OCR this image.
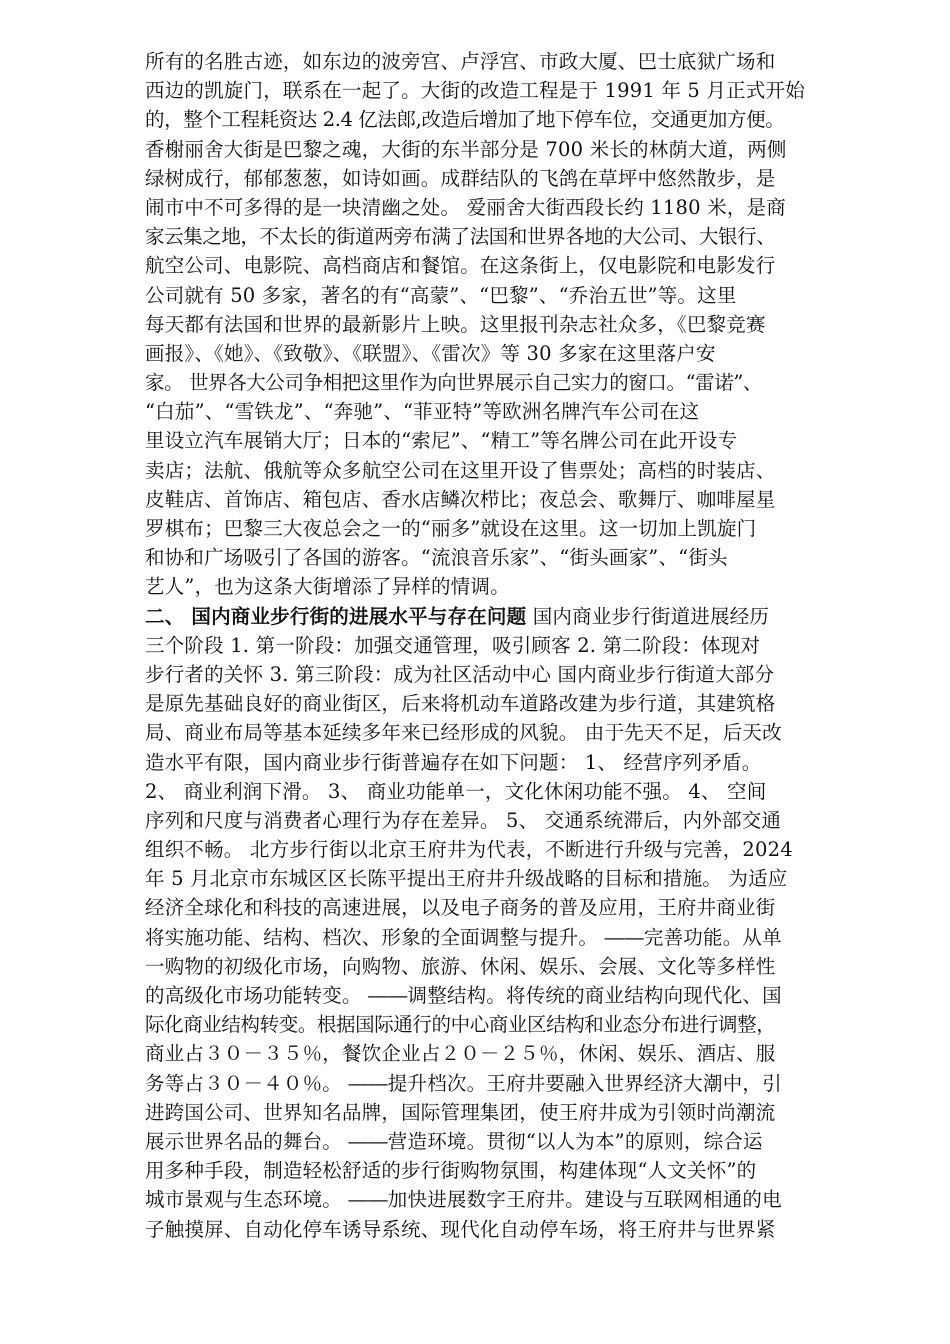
所有的名胜古迹，如东边的波旁宫、卢浮宫、市政大厦、巴士底狱广场和
西边的凯旋门，联系在一起了。大街的改造工程是于 1991 年 5 月正式开始
的，整个工程耗资达 2.4 亿法郎,改造后增加了地下停车位，交通更加方便。
香榭丽舍大街是巴黎之魂，大街的东半部分是 700 米长的林荫大道，两侧
绿树成行，郁郁葱葱，如诗如画。成群结队的飞鸽在草坪中悠然散步，是
闹市中不可多得的是一块清幽之处。 爱丽舍大街西段长约 1180 米，是商
家云集之地，不太长的街道两旁布满了法国和世界各地的大公司、大银行、
航空公司、电影院、高档商店和餐馆。在这条街上，仅电影院和电影发行
公司就有 50 多家，著名的有“高蒙”、“巴黎”、“乔治五世”等。这里
每天都有法国和世界的最新影片上映。这里报刊杂志社众多，《巴黎竞赛
画报》、《她》、《致敬》、《联盟》、《雷次》等 30 多家在这里落户安
家。 世界各大公司争相把这里作为向世界展示自己实力的窗口。“雷诺”、
“白茄”、“雪铁龙”、“奔驰”、“菲亚特”等欧洲名牌汽车公司在这
里设立汽车展销大厅；日本的“索尼”、“精工”等名牌公司在此开设专
卖店；法航、俄航等众多航空公司在这里开设了售票处；高档的时装店、
皮鞋店、首饰店、箱包店、香水店鳞次栉比；夜总会、歌舞厅、咖啡屋星
罗棋布；巴黎三大夜总会之一的“丽多”就设在这里。这一切加上凯旋门
和协和广场吸引了各国的游客。“流浪音乐家”、“街头画家”、“街头
艺人”，也为这条大街增添了异样的情调。
二、 国内商业步行街的进展水平与存在问题 国内商业步行街道进展经历
三个阶段 1. 第一阶段：加强交通管理，吸引顾客 2. 第二阶段：体现对
步行者的关怀 3. 第三阶段：成为社区活动中心 国内商业步行街道大部分
是原先基础良好的商业街区，后来将机动车道路改建为步行道，其建筑格
局、商业布局等基本延续多年来已经形成的风貌。 由于先天不足，后天改
造水平有限，国内商业步行街普遍存在如下问题： 1、 经营序列矛盾。
2、 商业利润下滑。 3、 商业功能单一，文化休闲功能不强。 4、 空间
序列和尺度与消费者心理行为存在差异。 5、 交通系统滞后，内外部交通
组织不畅。 北方步行街以北京王府井为代表，不断进行升级与完善，2024
年 5 月北京市东城区区长陈平提出王府井升级战略的目标和措施。 为适应
经济全球化和科技的高速进展，以及电子商务的普及应用，王府井商业街
将实施功能、结构、档次、形象的全面调整与提升。 ――完善功能。从单
一购物的初级化市场，向购物、旅游、休闲、娱乐、会展、文化等多样性
的高级化市场功能转变。 ――调整结构。将传统的商业结构向现代化、国
际化商业结构转变。根据国际通行的中心商业区结构和业态分布进行调整，
商业占３０－３５％，餐饮企业占２０－２５％，休闲、娱乐、酒店、服
务等占３０－４０％。 ――提升档次。王府井要融入世界经济大潮中，引
进跨国公司、世界知名品牌，国际管理集团，使王府井成为引领时尚潮流
展示世界名品的舞台。 ――营造环境。贯彻“以人为本”的原则，综合运
用多种手段，制造轻松舒适的步行街购物氛围，构建体现“人文关怀”的
城市景观与生态环境。 ――加快进展数字王府井。建设与互联网相通的电
子触摸屏、自动化停车诱导系统、现代化自动停车场，将王府井与世界紧
